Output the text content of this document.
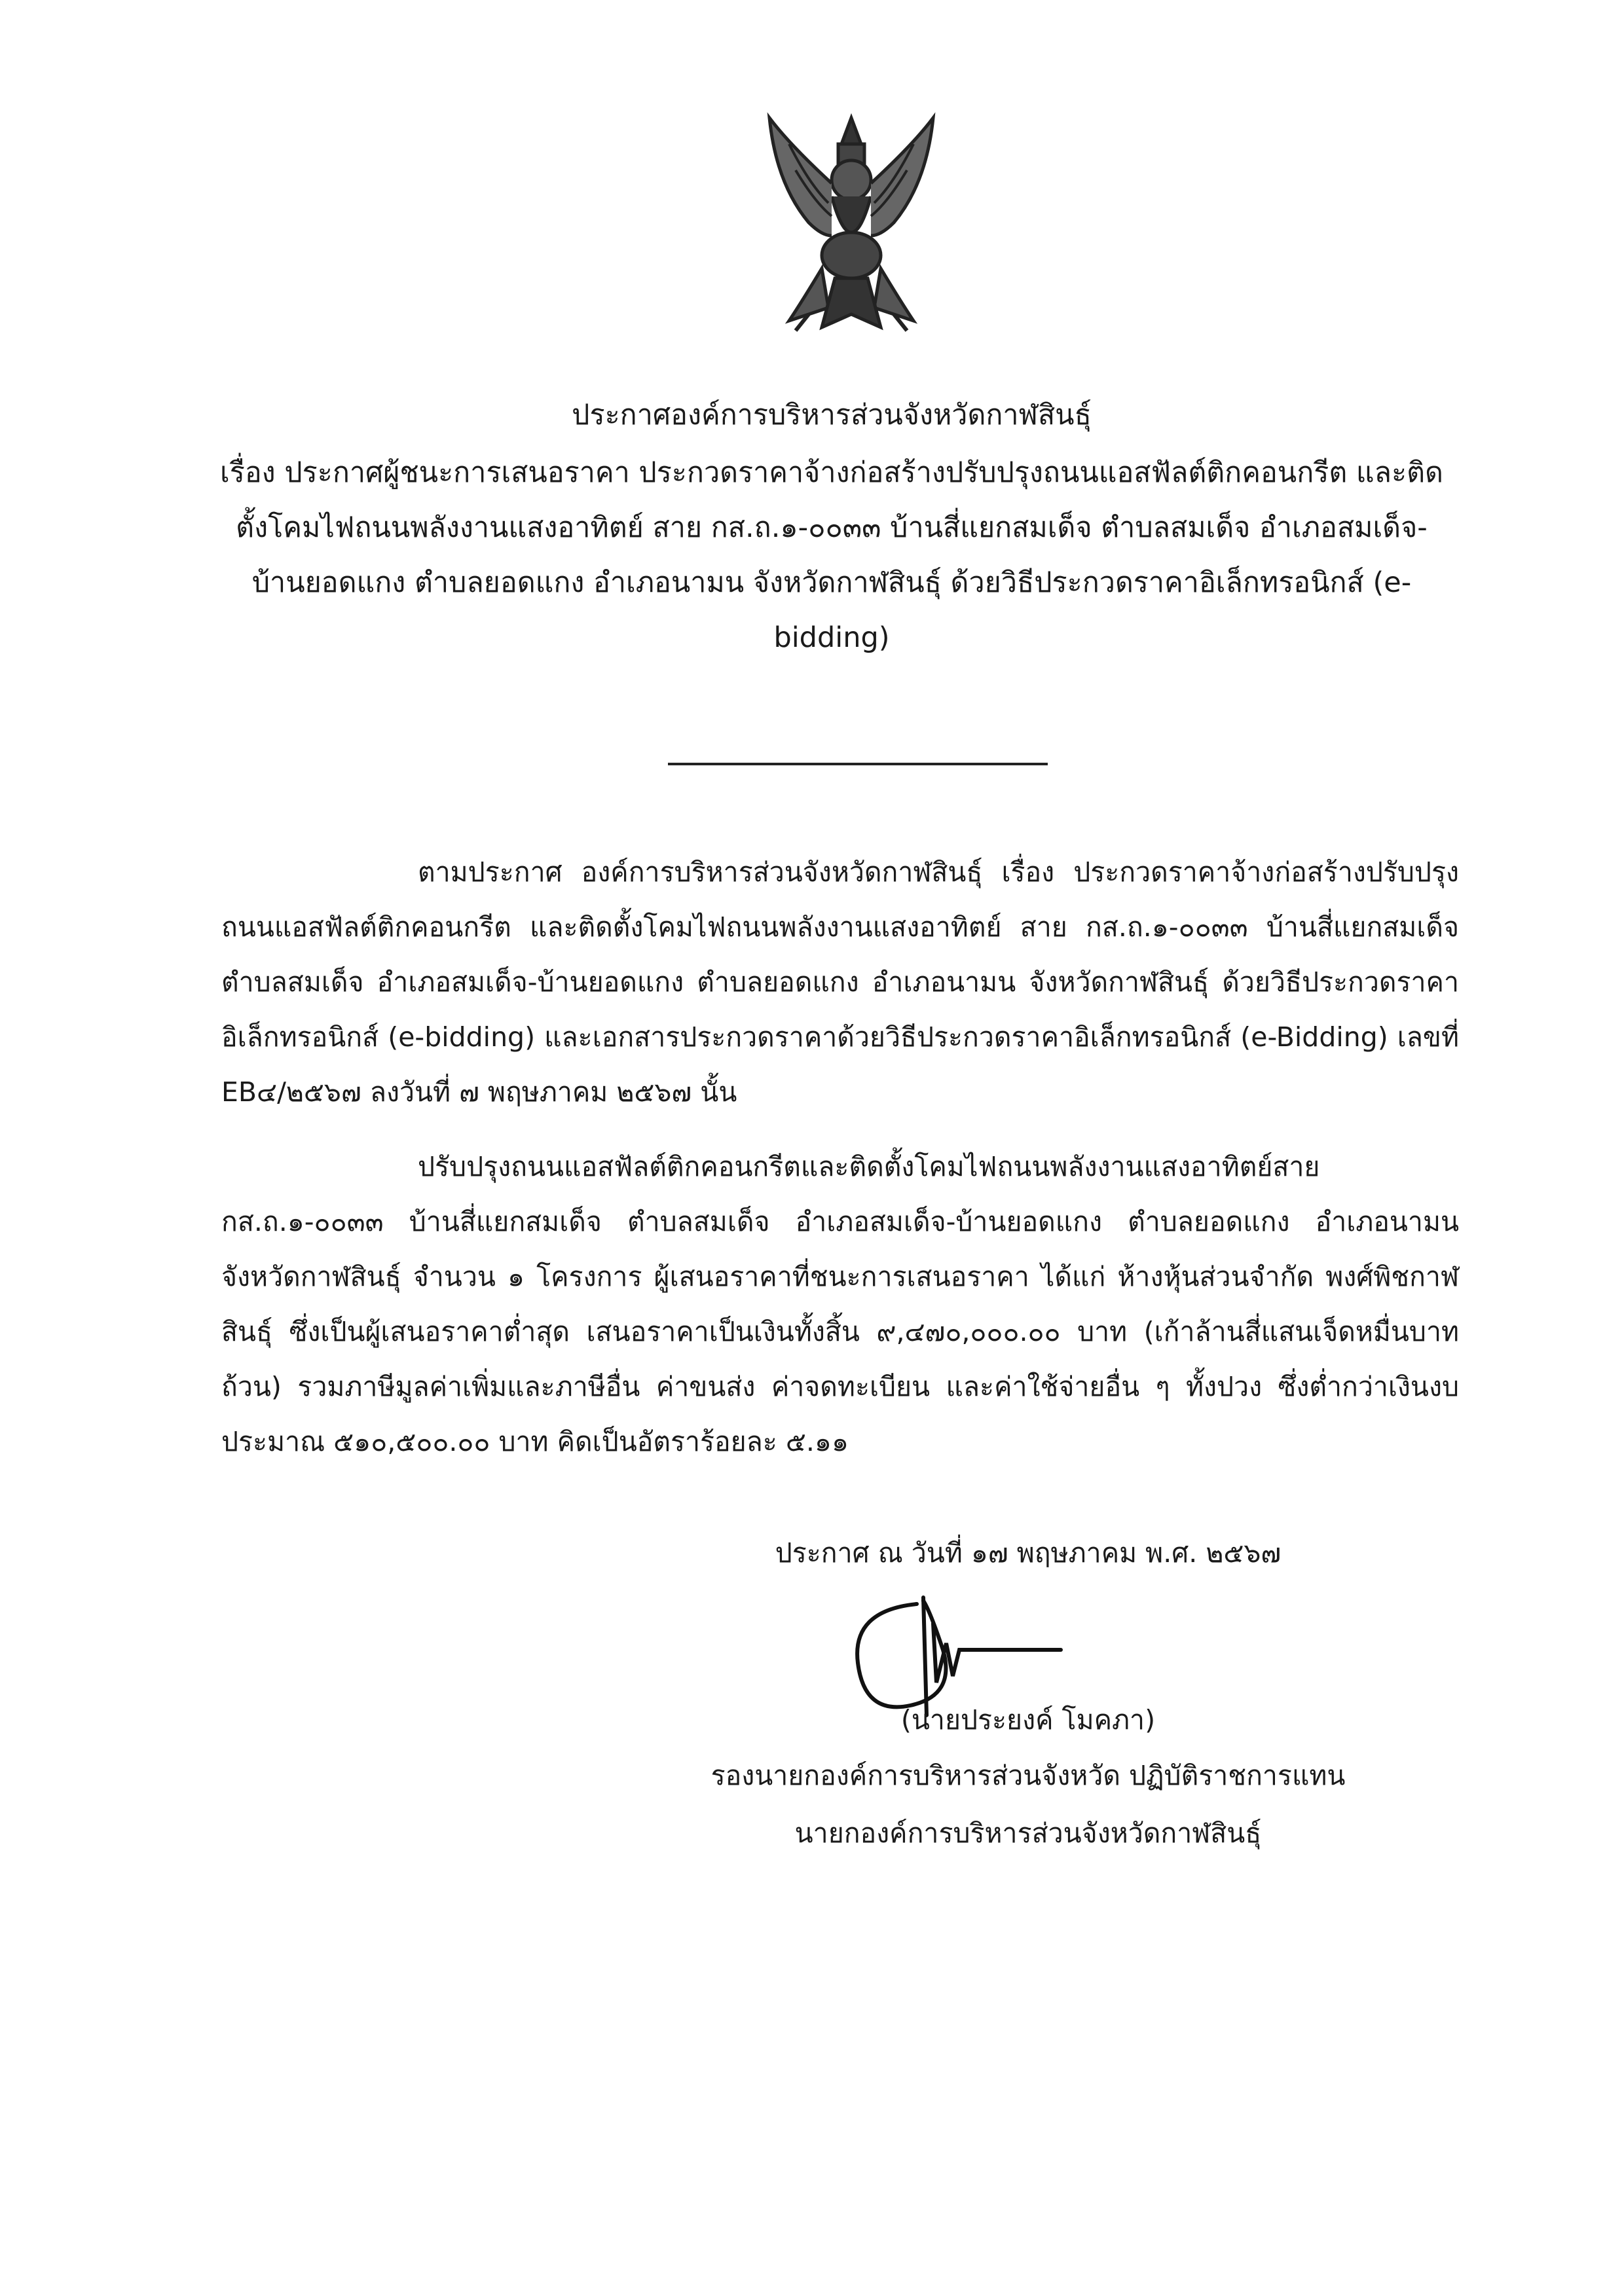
ประกาศองค์การบริหารส่วนจังหวัดกาฬสินธุ์
เรื่อง ประกาศผู้ชนะการเสนอราคา ประกวดราคาจ้างก่อสร้างปรับปรุงถนนแอสฟัลต์ติกคอนกรีต และติดตั้งโคมไฟถนนพลังงานแสงอาทิตย์ สาย กส.ถ.๑-๐๐๓๓ บ้านสี่แยกสมเด็จ ตำบลสมเด็จ อำเภอสมเด็จ-บ้านยอดแกง ตำบลยอดแกง อำเภอนามน จังหวัดกาฬสินธุ์ ด้วยวิธีประกวดราคาอิเล็กทรอนิกส์ (e-bidding)
ตามประกาศ องค์การบริหารส่วนจังหวัดกาฬสินธุ์ เรื่อง ประกวดราคาจ้างก่อสร้างปรับปรุงถนนแอสฟัลต์ติกคอนกรีต และติดตั้งโคมไฟถนนพลังงานแสงอาทิตย์ สาย กส.ถ.๑-๐๐๓๓ บ้านสี่แยกสมเด็จ ตำบลสมเด็จ อำเภอสมเด็จ-บ้านยอดแกง ตำบลยอดแกง อำเภอนามน จังหวัดกาฬสินธุ์ ด้วยวิธีประกวดราคาอิเล็กทรอนิกส์ (e-bidding) และเอกสารประกวดราคาด้วยวิธีประกวดราคาอิเล็กทรอนิกส์ (e-Bidding) เลขที่ EB๔/๒๕๖๗ ลงวันที่ ๗ พฤษภาคม ๒๕๖๗ นั้น
ปรับปรุงถนนแอสฟัลต์ติกคอนกรีตและติดตั้งโคมไฟถนนพลังงานแสงอาทิตย์สาย กส.ถ.๑-๐๐๓๓ บ้านสี่แยกสมเด็จ ตำบลสมเด็จ อำเภอสมเด็จ-บ้านยอดแกง ตำบลยอดแกง อำเภอนามน จังหวัดกาฬสินธุ์ จำนวน ๑ โครงการ ผู้เสนอราคาที่ชนะการเสนอราคา ได้แก่ ห้างหุ้นส่วนจำกัด พงศ์พิชกาฬสินธุ์ ซึ่งเป็นผู้เสนอราคาต่ำสุด เสนอราคาเป็นเงินทั้งสิ้น ๙,๔๗๐,๐๐๐.๐๐ บาท (เก้าล้านสี่แสนเจ็ดหมื่นบาทถ้วน) รวมภาษีมูลค่าเพิ่มและภาษีอื่น ค่าขนส่ง ค่าจดทะเบียน และค่าใช้จ่ายอื่น ๆ ทั้งปวง ซึ่งต่ำกว่าเงินงบประมาณ ๕๑๐,๕๐๐.๐๐ บาท คิดเป็นอัตราร้อยละ ๕.๑๑
ประกาศ ณ วันที่ ๑๗ พฤษภาคม พ.ศ. ๒๕๖๗
(นายประยงค์ โมคภา)
รองนายกองค์การบริหารส่วนจังหวัด ปฏิบัติราชการแทน
นายกองค์การบริหารส่วนจังหวัดกาฬสินธุ์
